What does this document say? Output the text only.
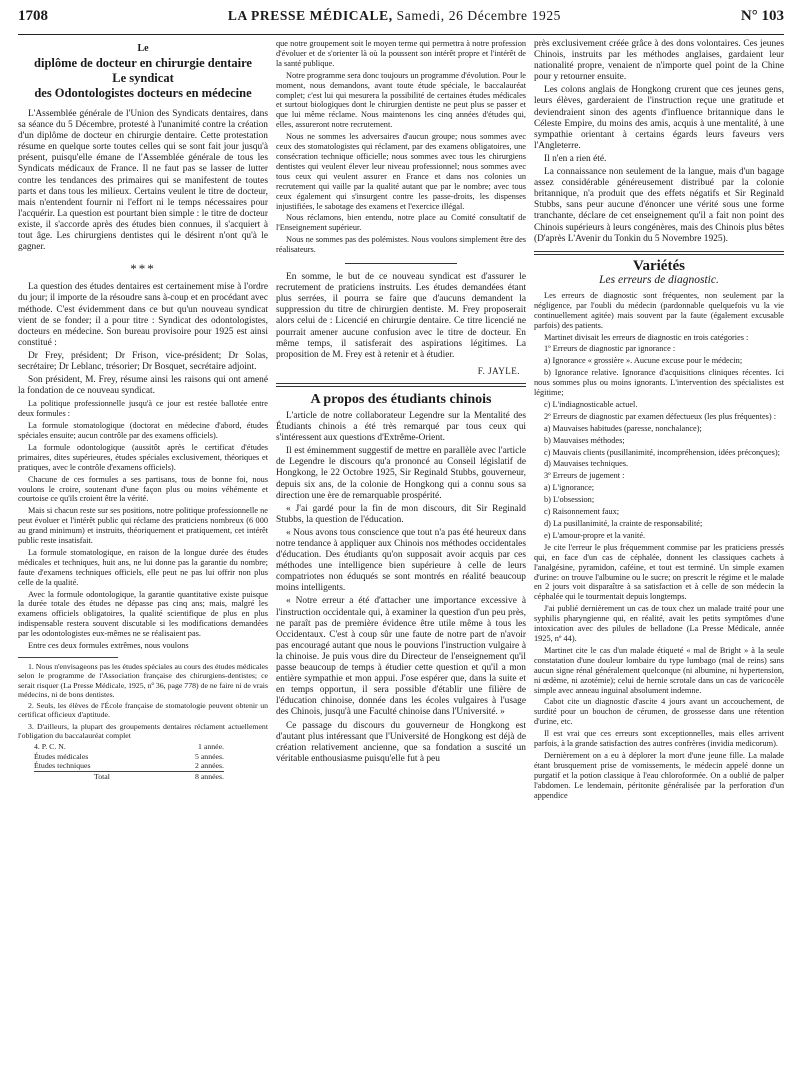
1708	LA PRESSE MÉDICALE, Samedi, 26 Décembre 1925	N° 103
Le
diplôme de docteur en chirurgie dentaire
Le syndicat
des Odontologistes docteurs en médecine

L'Assemblée générale de l'Union des Syndicats dentaires, dans sa séance du 5 Décembre, protesté à l'unanimité contre la création d'un diplôme de docteur en chirurgie dentaire. Cette protestation résume en quelque sorte toutes celles qui se sont fait jour jusqu'à présent, puisqu'elle émane de l'Assemblée générale de tous les Syndicats médicaux de France. Il ne faut pas se lasser de lutter contre les tendances des primaires qui se manifestent de toutes parts et dans tous les milieux. Certains veulent le titre de docteur, mais n'entendent fournir ni l'effort ni le temps nécessaires pour l'acquérir. La question est pourtant bien simple : le titre de docteur existe, il s'accorde après des études bien connues, il s'acquiert à tout âge. Les chirurgiens dentistes qui le désirent n'ont qu'à le gagner.

***

La question des études dentaires est certainement mise à l'ordre du jour; il importe de la résoudre sans à-coup et en procédant avec méthode. C'est évidemment dans ce but qu'un nouveau syndicat vient de se fonder; il a pour titre : Syndicat des odontologistes, docteurs en médecine. Son bureau provisoire pour 1925 est ainsi constitué :

Dr Frey, président; Dr Frison, vice-président; Dr Solas, secrétaire; Dr Leblanc, trésorier; Dr Bosquet, secrétaire adjoint.

Son président, M. Frey, résume ainsi les raisons qui ont amené la fondation de ce nouveau syndicat.

La politique professionnelle jusqu'à ce jour est restée ballotée entre deux formules :

La formule stomatologique (doctorat en médecine d'abord, études spéciales ensuite; aucun contrôle par des examens officiels).

La formule odontologique (aussitôt après le certificat d'études primaires, dites supérieures, études spéciales exclusivement, théoriques et pratiques, avec le contrôle d'examens officiels).

Chacune de ces formules a ses partisans, tous de bonne foi, nous voulons le croire, soutenant d'une façon plus ou moins véhémente et courtoise ce qu'ils croient être la vérité.

Mais si chacun reste sur ses positions, notre politique professionnelle ne peut évoluer et l'intérêt public qui réclame des praticiens nombreux (6 000 au grand minimum) et instruits, théoriquement et pratiquement, cet intérêt public reste insatisfait.

La formule stomatologique, en raison de la longue durée des études médicales et techniques, huit ans, ne lui donne pas la garantie du nombre; faute d'examens techniques officiels, elle peut ne pas lui offrir non plus celle de la qualité.

Avec la formule odontologique, la garantie quantitative existe puisque la durée totale des études ne dépasse pas cinq ans; mais, malgré les examens officiels obligatoires, la qualité scientifique de plus en plus indispensable restera souvent discutable si les modifications demandées par les odontologistes eux-mêmes ne se réalisaient pas.

Entre ces deux formules extrêmes, nous voulons

1. Nous n'envisageons pas les études spéciales au cours des études médicales selon le programme de l'Association française des chirurgiens-dentistes; ce serait risquer (La Presse Médicale, 1925, nº 36, page 778) de ne faire ni de vrais médecins, ni de bons dentistes.

2. Seuls, les élèves de l'École française de stomatologie peuvent obtenir un certificat officieux d'aptitude.

3. D'ailleurs, la plupart des groupements dentaires réclament actuellement l'obligation du baccalauréat complet

4. P. C. N.	1 année.
Études médicales	5 années.
Études techniques	2 années.
Total	8 années.

que notre groupement soit le moyen terme qui permettra à notre profession d'évoluer et de s'orienter là où la poussent son intérêt propre et l'intérêt de la santé publique.

Notre programme sera donc toujours un programme d'évolution. Pour le moment, nous demandons, avant toute étude spéciale, le baccalauréat complet; c'est lui qui mesurera la possibilité de certaines études médicales et surtout biologiques dont le chirurgien dentiste ne peut plus se passer et que lui même réclame. Nous maintenons les cinq années d'études qui, elles, assureront notre recrutement.

Nous ne sommes les adversaires d'aucun groupe; nous sommes avec ceux des stomatologistes qui réclament, par des examens obligatoires, une consécration technique officielle; nous sommes avec tous les chirurgiens dentistes qui veulent élever leur niveau professionnel; nous sommes avec tous ceux qui veulent assurer en France et dans nos colonies un recrutement qui vaille par la qualité autant que par le nombre; avec tous ceux également qui s'insurgent contre les passe-droits, les dispenses injustifiées, le sabotage des examens et l'exercice illégal.

Nous réclamons, bien entendu, notre place au Comité consultatif de l'Enseignement supérieur.

Nous ne sommes pas des polémistes. Nous voulons simplement être des réalisateurs.

En somme, le but de ce nouveau syndicat est d'assurer le recrutement de praticiens instruits. Les études demandées étant plus serrées, il pourra se faire que d'aucuns demandent la suppression du titre de chirurgien dentiste. M. Frey proposerait alors celui de : Licencié en chirurgie dentaire. Ce titre licencié ne pourrait amener aucune confusion avec le titre de docteur. En même temps, il satisferait des aspirations légitimes. La proposition de M. Frey est à retenir et à étudier.

F. JAYLE.
A propos des étudiants chinois

L'article de notre collaborateur Legendre sur la Mentalité des Étudiants chinois a été très remarqué par tous ceux qui s'intéressent aux questions d'Extrême-Orient.

Il est éminemment suggestif de mettre en parallèle avec l'article de Legendre le discours qu'a prononcé au Conseil législatif de Hongkong, le 22 Octobre 1925, Sir Reginald Stubbs, gouverneur, depuis six ans, de la colonie de Hongkong qui a connu sous sa direction une ère de remarquable prospérité.

« J'ai gardé pour la fin de mon discours, dit Sir Reginald Stubbs, la question de l'éducation.

« Nous avons tous conscience que tout n'a pas été heureux dans notre tendance à appliquer aux Chinois nos méthodes occidentales d'éducation. Des étudiants qu'on supposait avoir acquis par ces méthodes une intelligence bien supérieure à celle de leurs compatriotes non éduqués se sont montrés en réalité beaucoup moins intelligents.

« Notre erreur a été d'attacher une importance excessive à l'instruction occidentale qui, à examiner la question d'un peu près, ne paraît pas de première évidence être utile même à tous les Occidentaux. C'est à coup sûr une faute de notre part de n'avoir pas encouragé autant que nous le pouvions l'instruction vulgaire à la chinoise. Je puis vous dire du Directeur de l'enseignement qu'il passe beaucoup de temps à étudier cette question et qu'il a mon entière sympathie et mon appui. J'ose espérer que, dans la suite et en temps opportun, il sera possible d'établir une filière de l'éducation chinoise, donnée dans les écoles vulgaires à l'usage des Chinois, jusqu'à une Faculté chinoise dans l'Université. »

Ce passage du discours du gouverneur de Hongkong est d'autant plus intéressant que l'Université de Hongkong est déjà de création relativement ancienne, que sa fondation a suscité un véritable enthousiasme puisqu'elle fut à peu

près exclusivement créée grâce à des dons volontaires. Ces jeunes Chinois, instruits par les méthodes anglaises, gardaient leur nationalité propre, venaient de n'importe quel point de la Chine pour y retourner ensuite.

Les colons anglais de Hongkong crurent que ces jeunes gens, leurs élèves, garderaient de l'instruction reçue une gratitude et deviendraient sinon des agents d'influence britannique dans le Céleste Empire, du moins des amis, acquis à une mentalité, à une sympathie orientant à certains égards leurs faveurs vers l'Angleterre.

Il n'en a rien été.

La connaissance non seulement de la langue, mais d'un bagage assez considérable généreusement distribué par la colonie britannique, n'a produit que des effets négatifs et Sir Reginald Stubbs, sans peur aucune d'énoncer une vérité sous une forme tranchante, déclare de cet enseignement qu'il a fait non point des Chinois supérieurs à leurs congénères, mais des Chinois plus bêtes (D'après L'Avenir du Tonkin du 5 Novembre 1925).

Variétés
Les erreurs de diagnostic.

Les erreurs de diagnostic sont fréquentes, non seulement par la négligence, par l'oubli du médecin (pardonnable quelquefois vu la vie continuellement agitée) mais souvent par la faute (également excusable parfois) des patients.

Martinet divisait les erreurs de diagnostic en trois catégories :

1º Erreurs de diagnostic par ignorance :

a) Ignorance « grossière ». Aucune excuse pour le médecin;

b) Ignorance relative. Ignorance d'acquisitions cliniques récentes. Ici nous sommes plus ou moins ignorants. L'intervention des spécialistes est légitime;

c) L'indiagnosticable actuel.

2º Erreurs de diagnostic par examen défectueux (les plus fréquentes) :

a) Mauvaises habitudes (paresse, nonchalance);

b) Mauvaises méthodes;

c) Mauvais clients (pusillanimité, incompréhension, idées préconçues);

d) Mauvaises techniques.

3º Erreurs de jugement :

a) L'ignorance;

b) L'obsession;

c) Raisonnement faux;

d) La pusillanimité, la crainte de responsabilité;

e) L'amour-propre et la vanité.

Je cite l'erreur le plus fréquemment commise par les praticiens pressés qui, en face d'un cas de céphalée, donnent les classiques cachets à l'analgésine, pyramidon, caféine, et tout est terminé. Un simple examen d'urine: on trouve l'albumine ou le sucre; on prescrit le régime et le malade en 2 jours voit disparaître à sa satisfaction et à celle de son médecin la céphalée qui le tourmentait depuis longtemps.

J'ai publié dernièrement un cas de toux chez un malade traité pour une syphilis pharyngienne qui, en réalité, avait les petits symptômes d'une intoxication avec des pilules de belladone (La Presse Médicale, année 1925, nº 44).

Martinet cite le cas d'un malade étiqueté « mal de Bright » à la seule constatation d'une douleur lombaire du type lumbago (mal de reins) sans aucun signe rénal généralement quelconque (ni albumine, ni hypertension, ni œdème, ni azotémie); celui de hernie scrotale dans un cas de varicocèle simple avec anneau inguinal absolument indemne.

Cabot cite un diagnostic d'ascite 4 jours avant un accouchement, de surdité pour un bouchon de cérumen, de grossesse dans une rétention d'urine, etc.

Il est vrai que ces erreurs sont exceptionnelles, mais elles arrivent parfois, à la grande satisfaction des autres confrères (invidia medicorum).

Dernièrement on a eu à déplorer la mort d'une jeune fille. La malade étant brusquement prise de vomissements, le médecin appelé donne un purgatif et la potion classique à l'eau chloroformée. On a oublié de palper l'abdomen. Le lendemain, péritonite généralisée par la perforation d'un appendice
